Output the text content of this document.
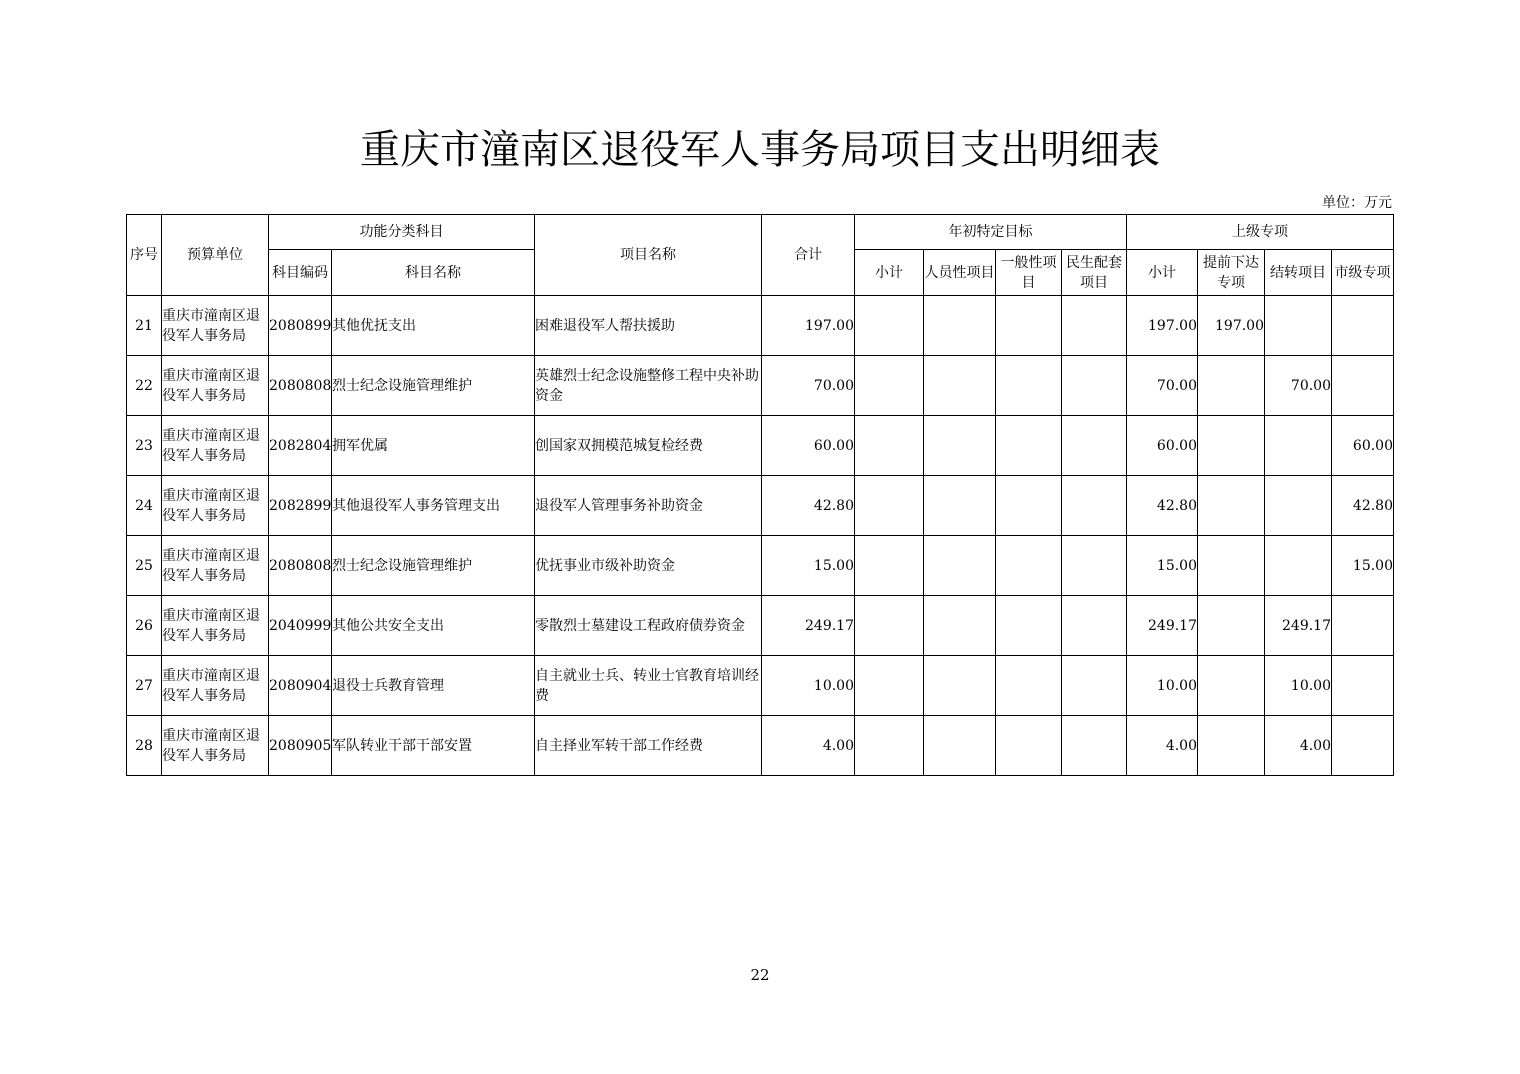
重庆市潼南区退役军人事务局项目支出明细表
单位：万元
序号	预算单位	功能分类科目		项目名称	合计	年初特定目标				上级专项			
		科目编码	科目名称			小计	人员性项目	一般性项目	民生配套项目	小计	提前下达专项	结转项目	市级专项
21	重庆市潼南区退役军人事务局	2080899	其他优抚支出	困难退役军人帮扶援助	197.00					197.00	197.00		
22	重庆市潼南区退役军人事务局	2080808	烈士纪念设施管理维护	英雄烈士纪念设施整修工程中央补助资金	70.00					70.00		70.00	
23	重庆市潼南区退役军人事务局	2082804	拥军优属	创国家双拥模范城复检经费	60.00					60.00			60.00
24	重庆市潼南区退役军人事务局	2082899	其他退役军人事务管理支出	退役军人管理事务补助资金	42.80					42.80			42.80
25	重庆市潼南区退役军人事务局	2080808	烈士纪念设施管理维护	优抚事业市级补助资金	15.00					15.00			15.00
26	重庆市潼南区退役军人事务局	2040999	其他公共安全支出	零散烈士墓建设工程政府债券资金	249.17					249.17		249.17	
27	重庆市潼南区退役军人事务局	2080904	退役士兵教育管理	自主就业士兵、转业士官教育培训经费	10.00					10.00		10.00	
28	重庆市潼南区退役军人事务局	2080905	军队转业干部干部安置	自主择业军转干部工作经费	4.00					4.00		4.00	
22
